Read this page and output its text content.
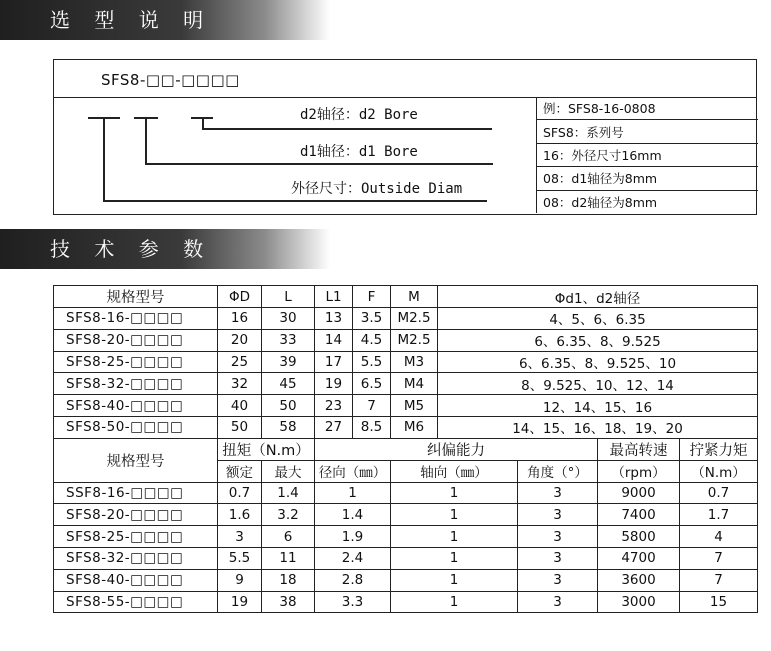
选 型 说 明
SFS8-□□-□□□□
d2轴径：d2 Bore
d1轴径：d1 Bore
外径尺寸：Outside Diam
例：SFS8-16-0808
SFS8：系列号
16：外径尺寸16mm
08：d1轴径为8mm
08：d2轴径为8mm
技 术 参 数
规格型号	ΦD	L	L1	F	M	Φd1、d2轴径			
SFS8-16-□□□□	16	30	13	3.5	M2.5	4、5、6、6.35			
SFS8-20-□□□□	20	33	14	4.5	M2.5	6、6.35、8、9.525			
SFS8-25-□□□□	25	39	17	5.5	M3	6、6.35、8、9.525、10			
SFS8-32-□□□□	32	45	19	6.5	M4	8、9.525、10、12、14			
SFS8-40-□□□□	40	50	23	7	M5	12、14、15、16			
SFS8-50-□□□□	50	58	27	8.5	M6	14、15、16、18、19、20			
规格型号	扭矩（N.m）		纠偏能力					最高转速	拧紧力矩
	额定	最大	径向（㎜）		轴向（㎜）		角度（°）	（rpm）	（N.m）
SSF8-16-□□□□	0.7	1.4	1		1		3	9000	0.7
SFS8-20-□□□□	1.6	3.2	1.4		1		3	7400	1.7
SFS8-25-□□□□	3	6	1.9		1		3	5800	4
SFS8-32-□□□□	5.5	11	2.4		1		3	4700	7
SFS8-40-□□□□	9	18	2.8		1		3	3600	7
SFS8-55-□□□□	19	38	3.3		1		3	3000	15
